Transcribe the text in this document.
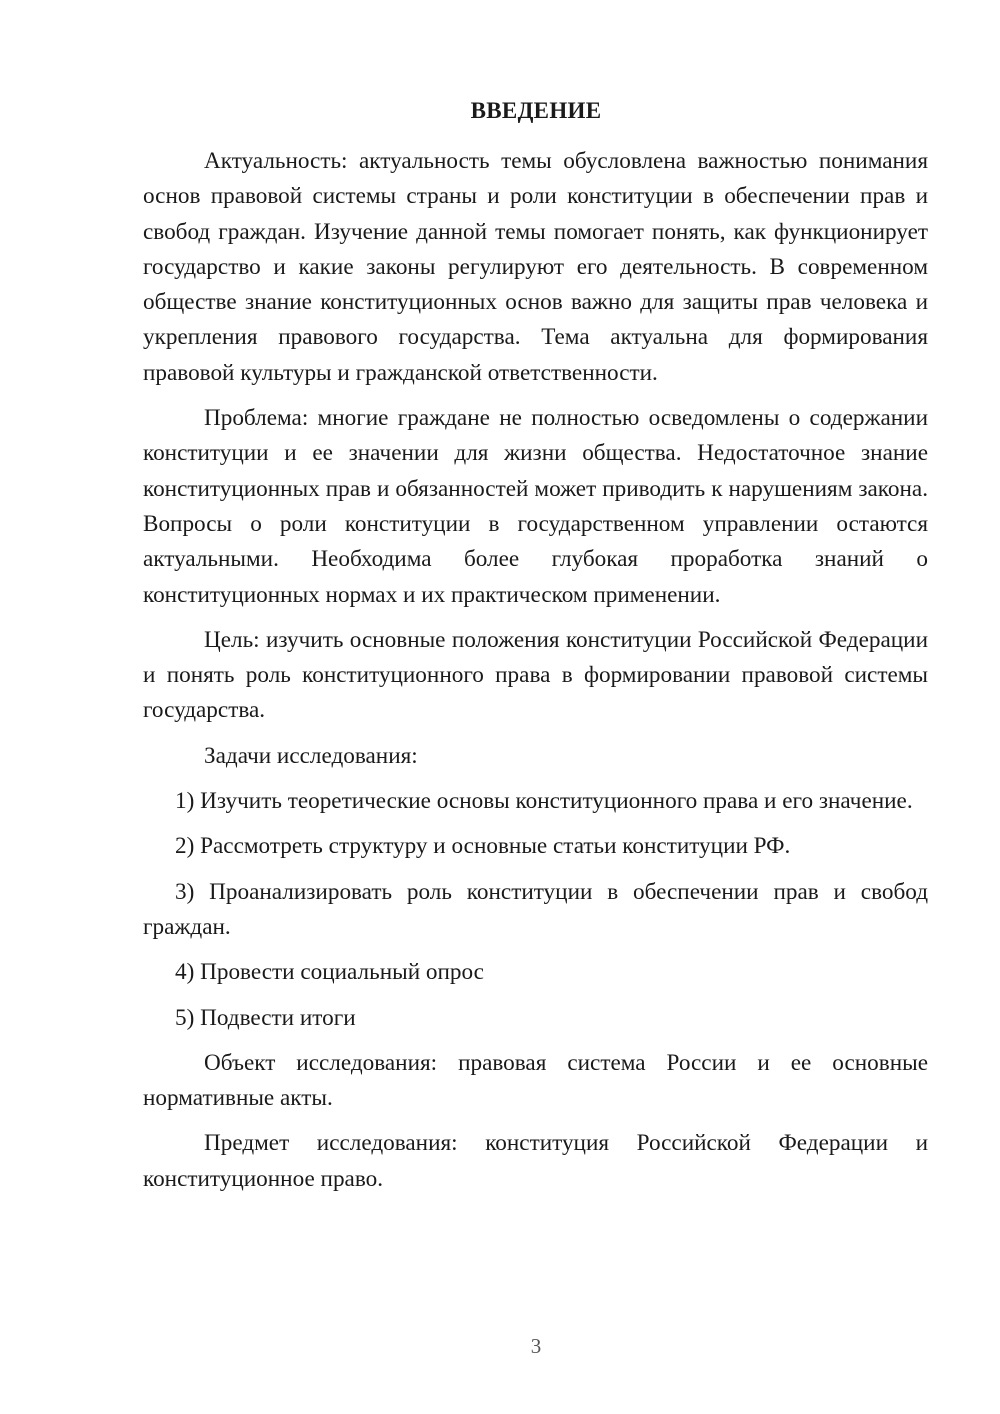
ВВЕДЕНИЕ

Актуальность: актуальность темы обусловлена важностью понимания основ правовой системы страны и роли конституции в обеспечении прав и свобод граждан. Изучение данной темы помогает понять, как функционирует государство и какие законы регулируют его деятельность. В современном обществе знание конституционных основ важно для защиты прав человека и укрепления правового государства. Тема актуальна для формирования правовой культуры и гражданской ответственности.

Проблема: многие граждане не полностью осведомлены о содержании конституции и ее значении для жизни общества. Недостаточное знание конституционных прав и обязанностей может приводить к нарушениям закона. Вопросы о роли конституции в государственном управлении остаются актуальными. Необходима более глубокая проработка знаний о конституционных нормах и их практическом применении.

Цель: изучить основные положения конституции Российской Федерации и понять роль конституционного права в формировании правовой системы государства.

Задачи исследования:

1) Изучить теоретические основы конституционного права и его значение.

2) Рассмотреть структуру и основные статьи конституции РФ.

3) Проанализировать роль конституции в обеспечении прав и свобод граждан.

4) Провести социальный опрос

5) Подвести итоги

Объект исследования: правовая система России и ее основные нормативные акты.

Предмет исследования: конституция Российской Федерации и конституционное право.

3
